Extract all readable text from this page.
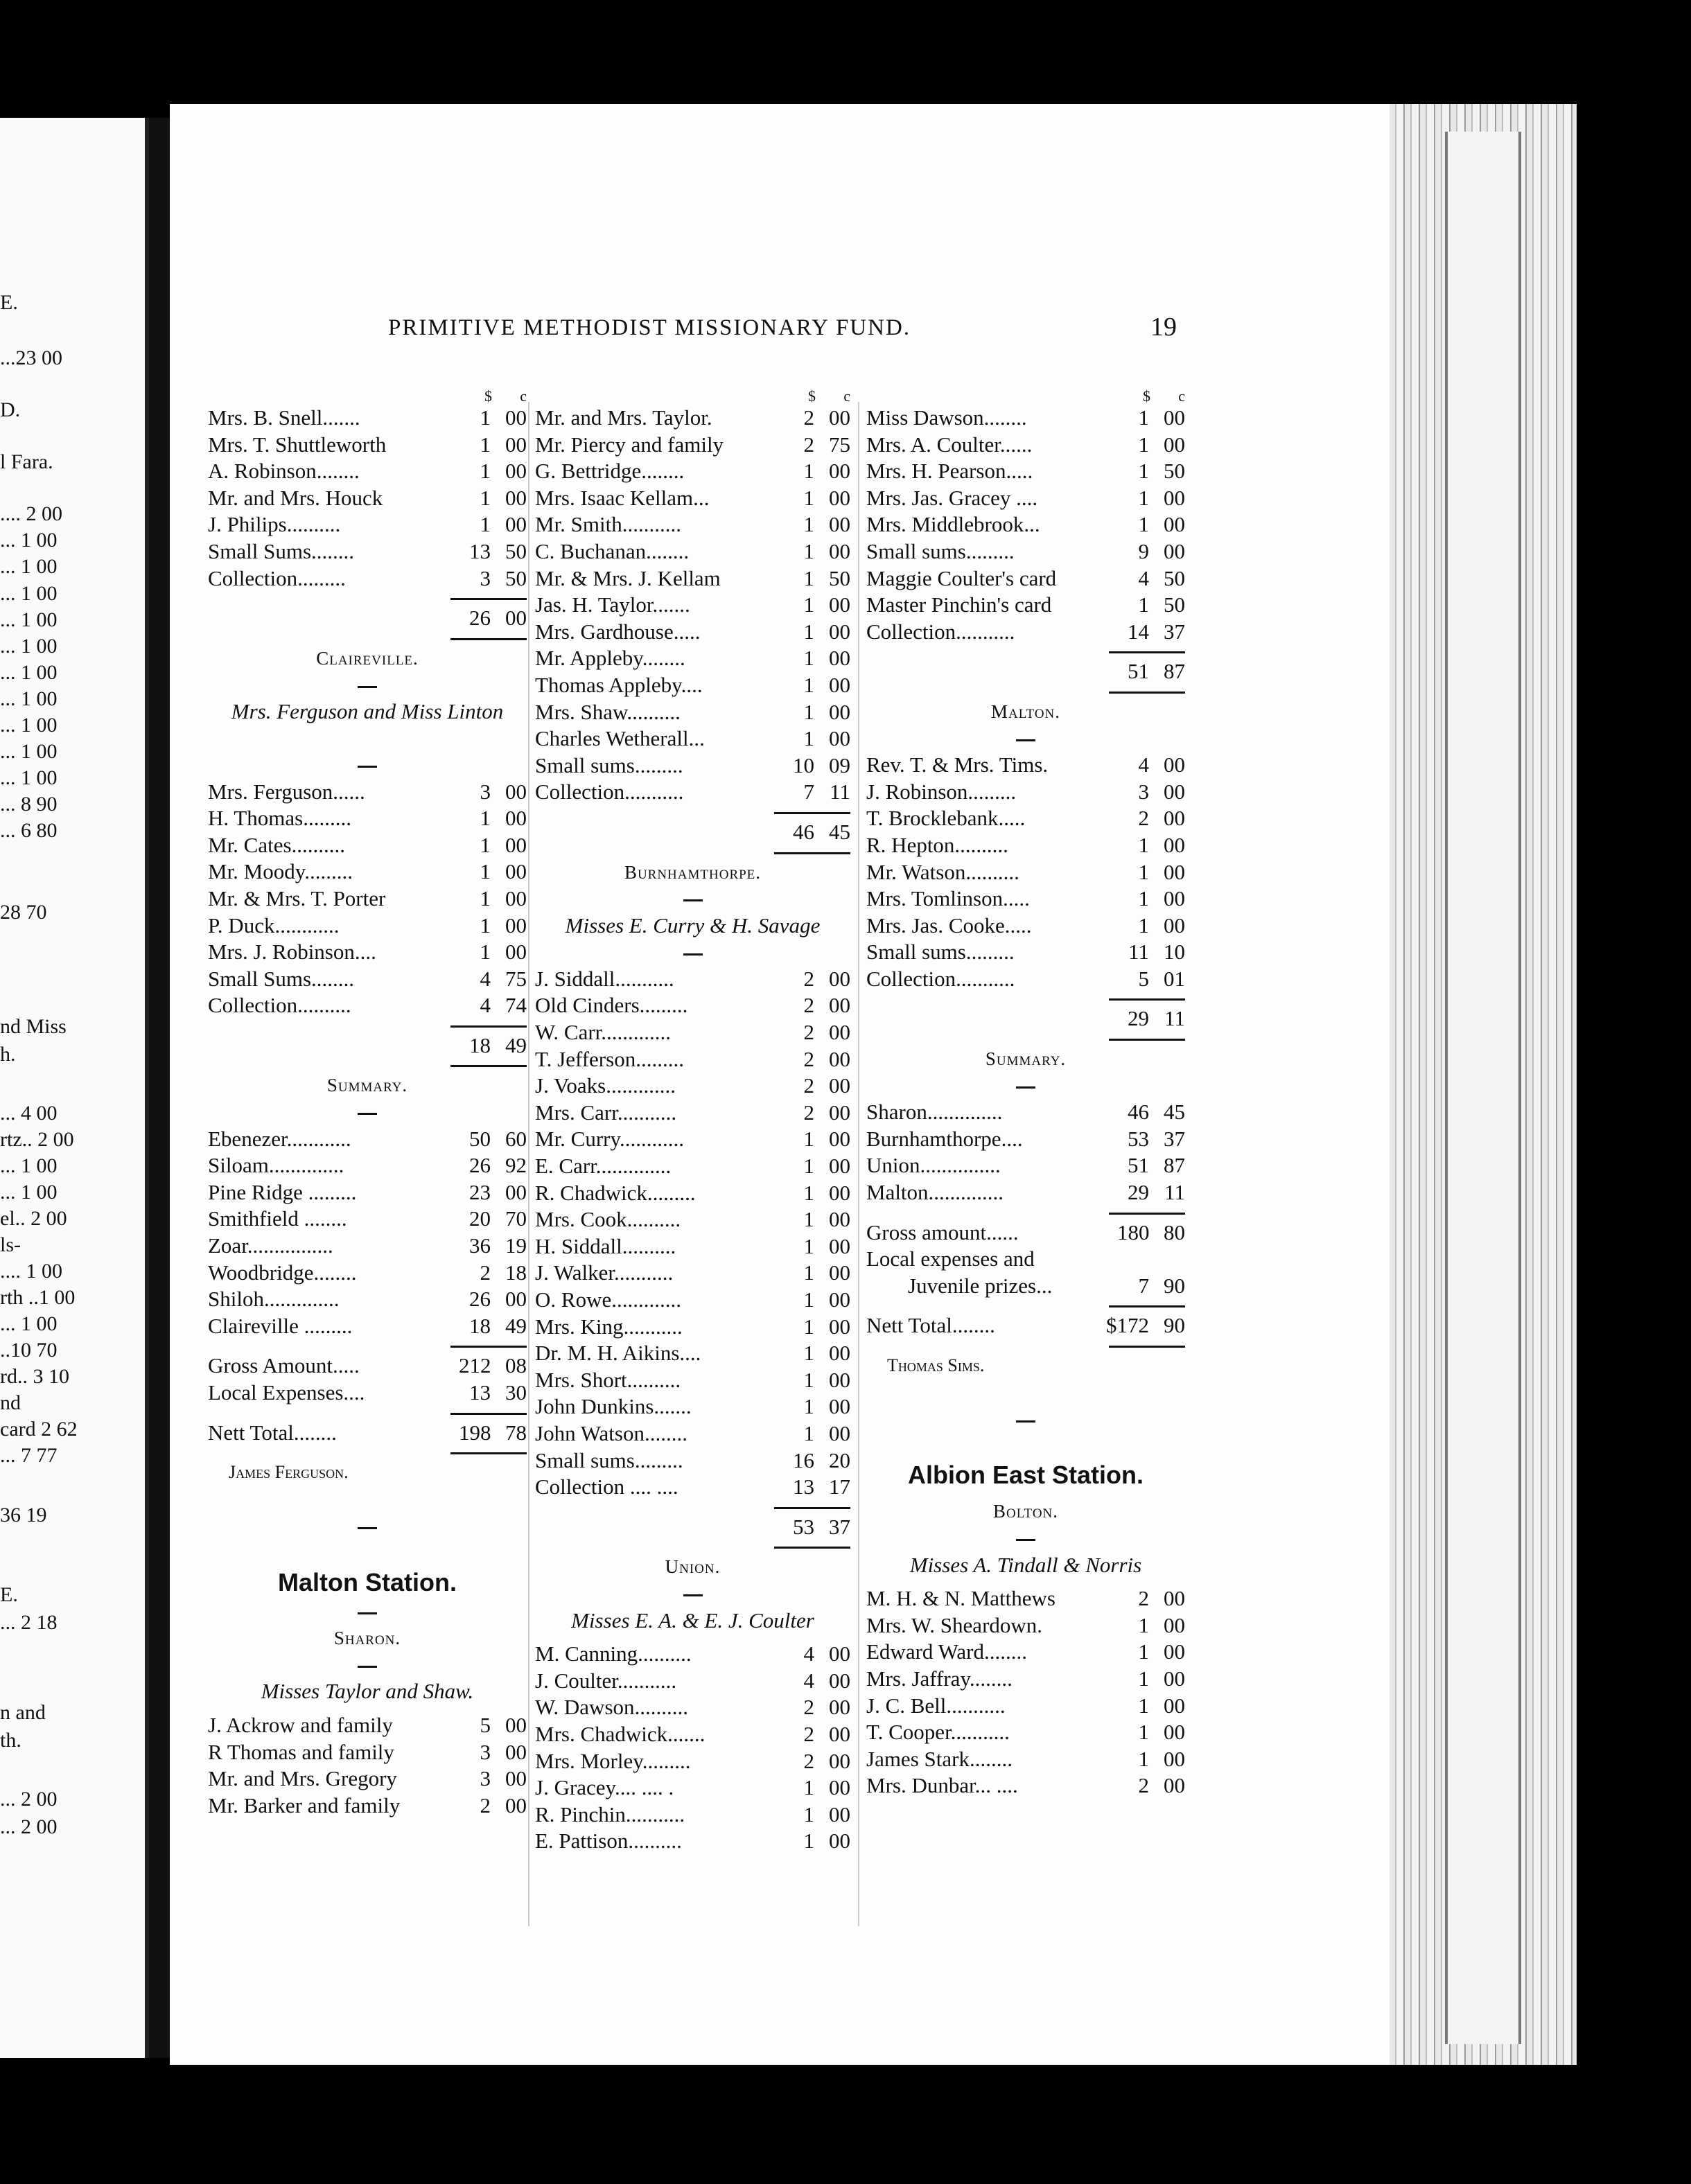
E.
...23 00
D.
l Fara.
.... 2 00
... 1 00
... 1 00
... 1 00
... 1 00
... 1 00
... 1 00
... 1 00
... 1 00
... 1 00
... 1 00
... 8 90
... 6 80
28 70
nd Miss
h.
... 4 00
rtz.. 2 00
... 1 00
... 1 00
el.. 2 00
ls-
.... 1 00
rth ..1 00
... 1 00
..10 70
rd.. 3 10
nd
card 2 62
... 7 77
36 19
E.
... 2 18
n and
th.
... 2 00
... 2 00
PRIMITIVE METHODIST MISSIONARY FUND.	19
$	c
Mrs. B. Snell.......	1 00
Mrs. T. Shuttleworth	1 00
A. Robinson........	1 00
Mr. and Mrs. Houck	1 00
J. Philips..........	1 00
Small Sums........	13 50
Collection.........	3 50
26 00
Claireville.
Mrs. Ferguson and Miss Linton
Mrs. Ferguson......	3 00
H. Thomas.........	1 00
Mr. Cates..........	1 00
Mr. Moody.........	1 00
Mr. & Mrs. T. Porter	1 00
P. Duck............	1 00
Mrs. J. Robinson....	1 00
Small Sums........	4 75
Collection..........	4 74
18 49
Summary.
Ebenezer............	50 60
Siloam..............	26 92
Pine Ridge .........	23 00
Smithfield ........	20 70
Zoar................	36 19
Woodbridge........	2 18
Shiloh..............	26 00
Claireville .........	18 49
Gross Amount.....	212 08
Local Expenses....	13 30
Nett Total........	198 78
James Ferguson.
Malton Station.
Sharon.
Misses Taylor and Shaw.
J. Ackrow and family	5 00
R Thomas and family	3 00
Mr. and Mrs. Gregory	3 00
Mr. Barker and family	2 00
$	c
Mr. and Mrs. Taylor.	2 00
Mr. Piercy and family	2 75
G. Bettridge........	1 00
Mrs. Isaac Kellam...	1 00
Mr. Smith...........	1 00
C. Buchanan........	1 00
Mr. & Mrs. J. Kellam	1 50
Jas. H. Taylor.......	1 00
Mrs. Gardhouse.....	1 00
Mr. Appleby........	1 00
Thomas Appleby....	1 00
Mrs. Shaw..........	1 00
Charles Wetherall...	1 00
Small sums.........	10 09
Collection...........	7 11
46 45
Burnhamthorpe.
Misses E. Curry & H. Savage
J. Siddall...........	2 00
Old Cinders.........	2 00
W. Carr.............	2 00
T. Jefferson.........	2 00
J. Voaks.............	2 00
Mrs. Carr...........	2 00
Mr. Curry............	1 00
E. Carr..............	1 00
R. Chadwick.........	1 00
Mrs. Cook..........	1 00
H. Siddall..........	1 00
J. Walker...........	1 00
O. Rowe.............	1 00
Mrs. King...........	1 00
Dr. M. H. Aikins....	1 00
Mrs. Short..........	1 00
John Dunkins.......	1 00
John Watson........	1 00
Small sums.........	16 20
Collection .... ....	13 17
53 37
Union.
Misses E. A. & E. J. Coulter
M. Canning..........	4 00
J. Coulter...........	4 00
W. Dawson..........	2 00
Mrs. Chadwick.......	2 00
Mrs. Morley.........	2 00
J. Gracey.... .... .	1 00
R. Pinchin...........	1 00
E. Pattison..........	1 00
$	c
Miss Dawson........	1 00
Mrs. A. Coulter......	1 00
Mrs. H. Pearson.....	1 50
Mrs. Jas. Gracey ....	1 00
Mrs. Middlebrook...	1 00
Small sums.........	9 00
Maggie Coulter's card	4 50
Master Pinchin's card	1 50
Collection...........	14 37
51 87
Malton.
Rev. T. & Mrs. Tims.	4 00
J. Robinson.........	3 00
T. Brocklebank.....	2 00
R. Hepton..........	1 00
Mr. Watson..........	1 00
Mrs. Tomlinson.....	1 00
Mrs. Jas. Cooke.....	1 00
Small sums.........	11 10
Collection...........	5 01
29 11
Summary.
Sharon..............	46 45
Burnhamthorpe....	53 37
Union...............	51 87
Malton..............	29 11
Gross amount......	180 80
Local expenses and
Juvenile prizes...	7 90
Nett Total........	$172 90
Thomas Sims.
Albion East Station.
Bolton.
Misses A. Tindall & Norris
M. H. & N. Matthews	2 00
Mrs. W. Sheardown.	1 00
Edward Ward........	1 00
Mrs. Jaffray........	1 00
J. C. Bell...........	1 00
T. Cooper...........	1 00
James Stark........	1 00
Mrs. Dunbar... ....	2 00
